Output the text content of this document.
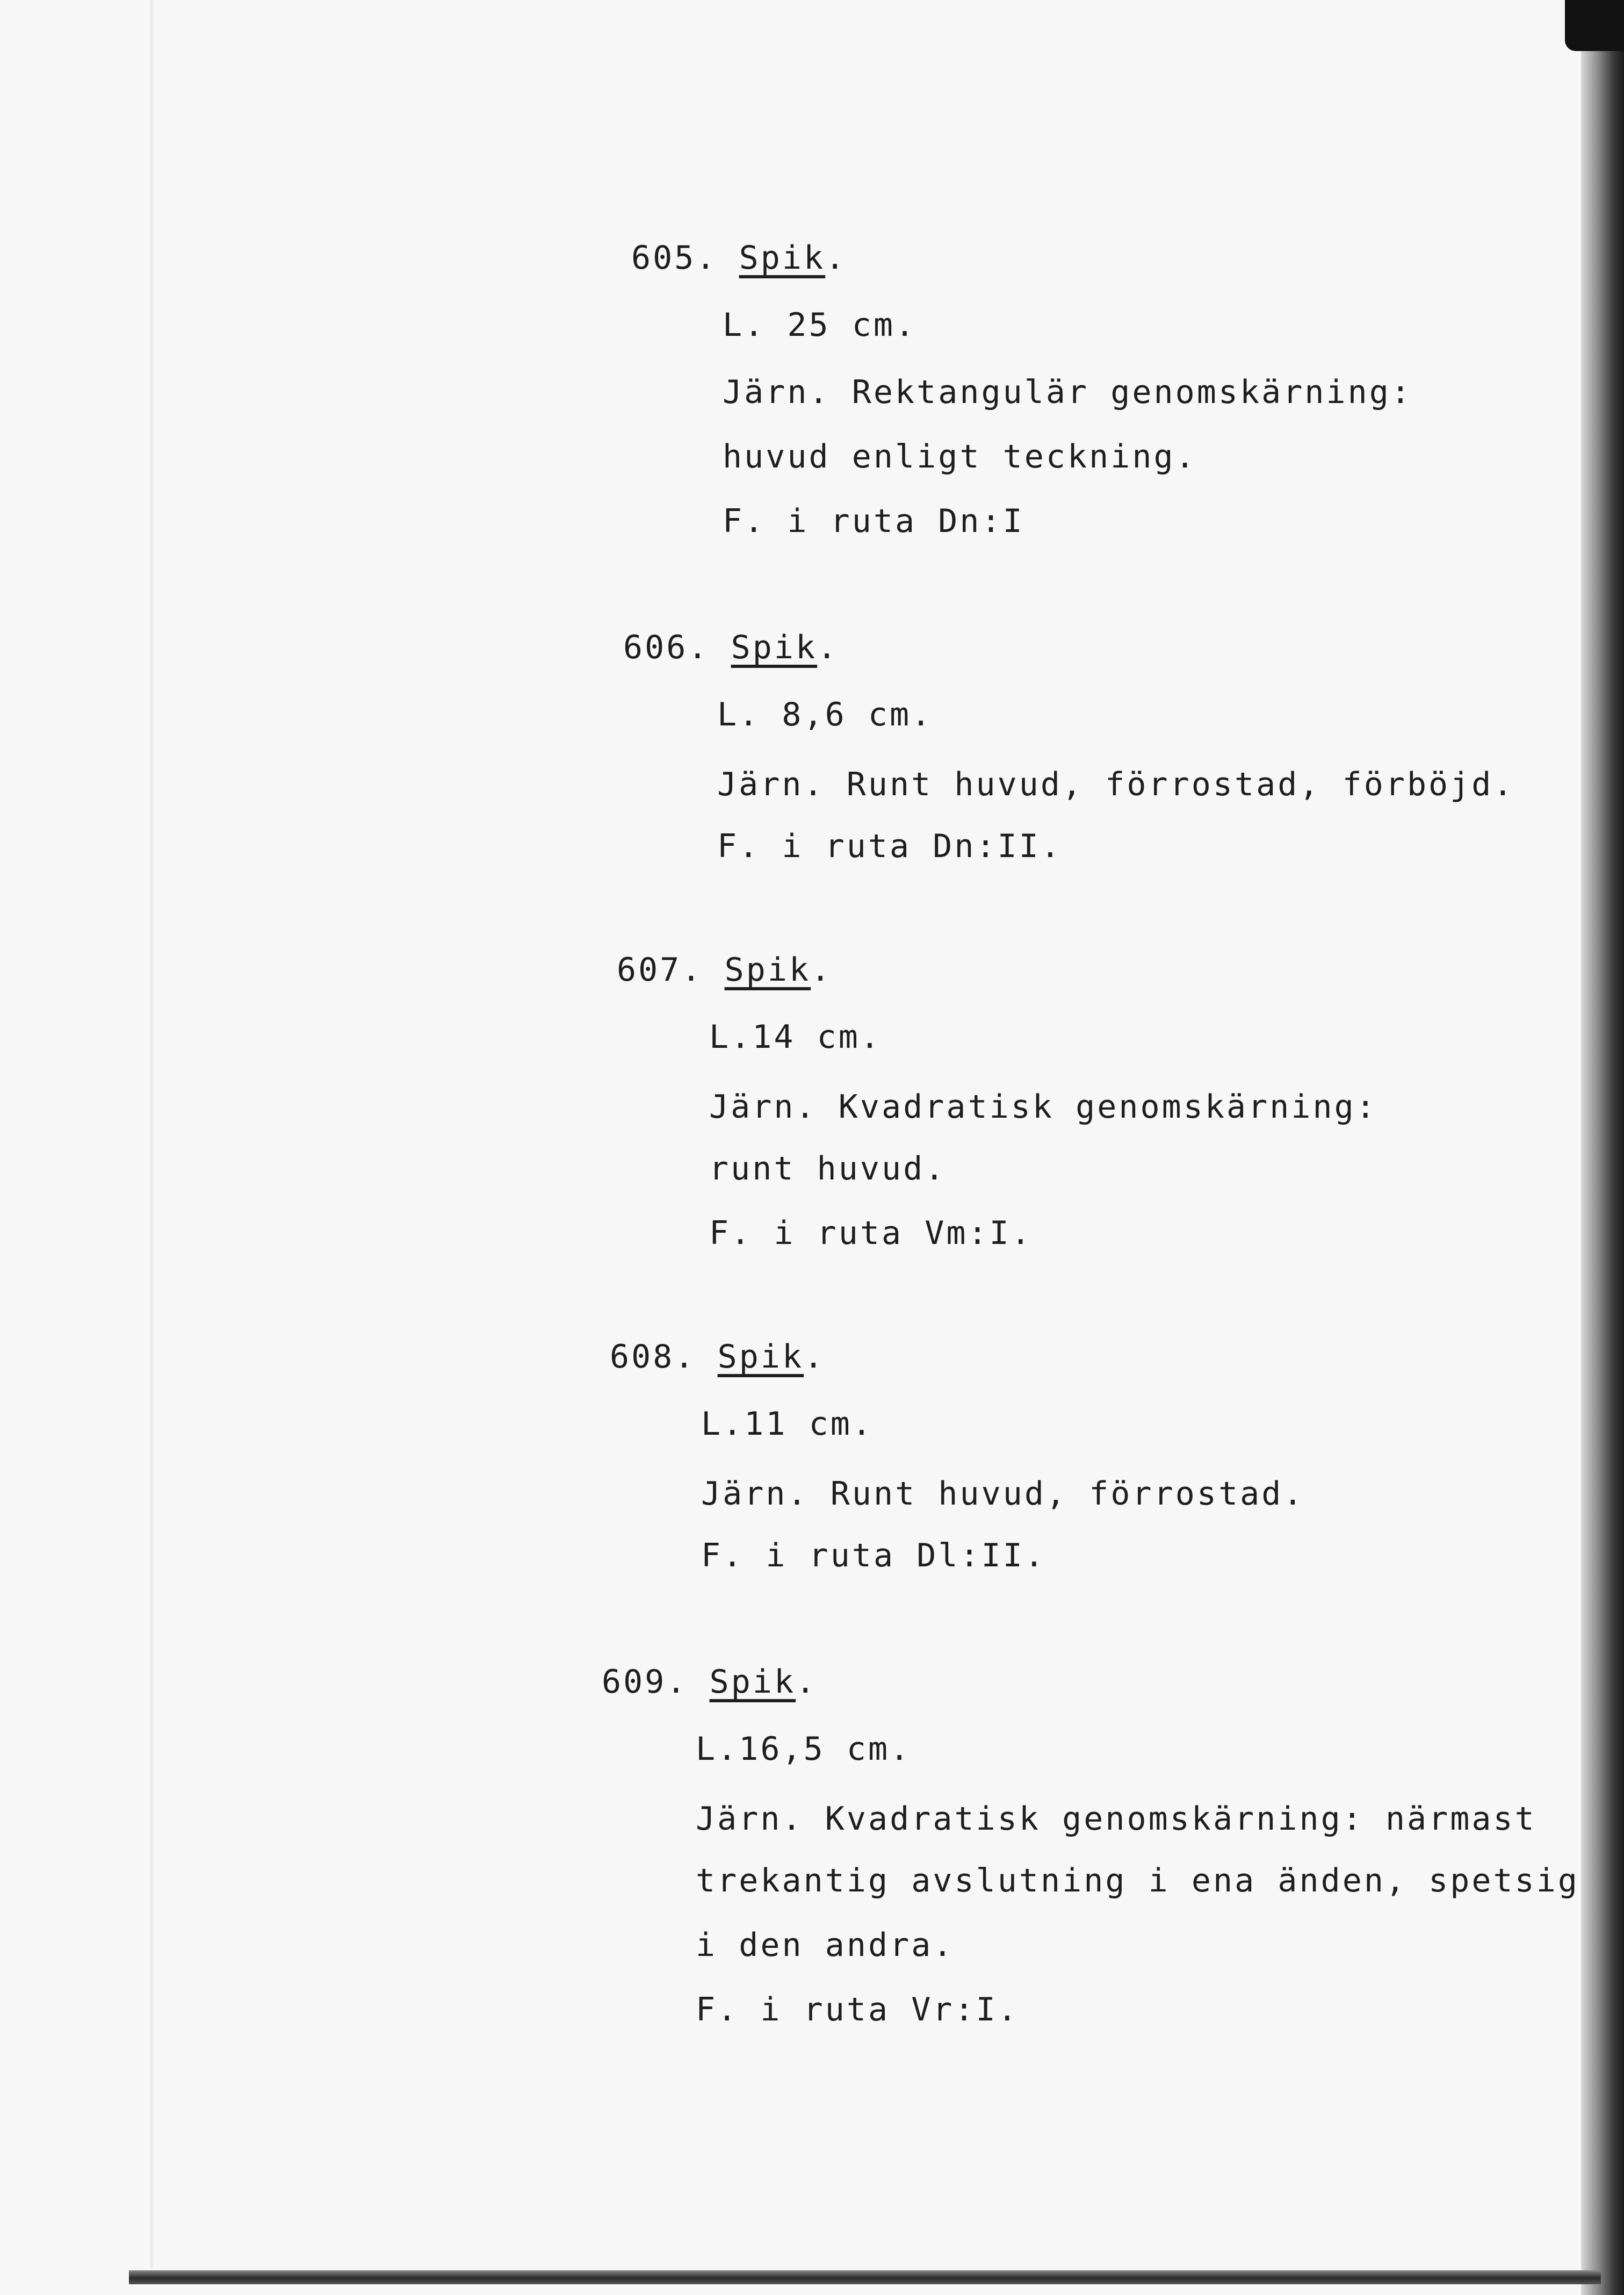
605. Spik.
L. 25 cm.
Järn. Rektangulär genomskärning:
huvud enligt teckning.
F. i ruta Dn:I
606. Spik.
L. 8,6 cm.
Järn. Runt huvud, förrostad, förböjd.
F. i ruta Dn:II.
607. Spik.
L.14 cm.
Järn. Kvadratisk genomskärning:
runt huvud.
F. i ruta Vm:I.
608. Spik.
L.11 cm.
Järn. Runt huvud, förrostad.
F. i ruta Dl:II.
609. Spik.
L.16,5 cm.
Järn. Kvadratisk genomskärning: närmast
trekantig avslutning i ena änden, spetsig
i den andra.
F. i ruta Vr:I.
